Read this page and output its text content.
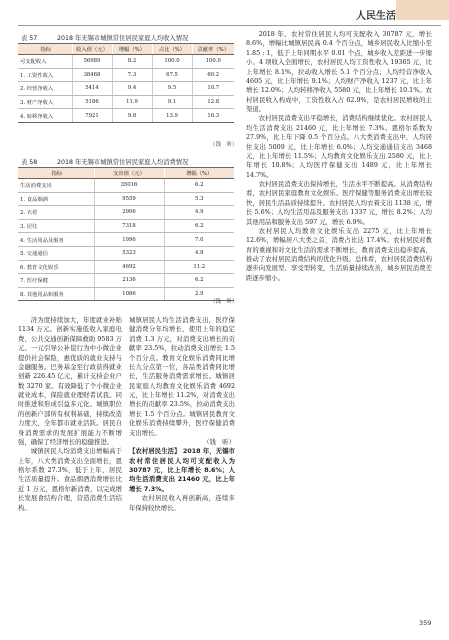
人民生活
表 57	2018 年无锡市城镇常住居民家庭人均收入情况
指标	收入值（元）	增幅（%）	占比（%）	贡献率（%）
可支配收入	56989	8.2	100.0	100.0
1. 工资性收入	38468	7.3	67.5	60.2
2. 经营净收入	5414	9.4	9.5	10.7
3. 财产净收入	5186	11.9	9.1	12.8
4. 转移净收入	7921	9.8	13.9	16.3
（钱　昕）
表 58	2018 年无锡市城镇常住居民家庭人均消费情况
指标	支出值（元）	增幅（%）
生活消费支出	35016	6.2
1. 食品烟酒	9559	5.3
2. 衣着	2906	4.9
3. 居住	7318	6.2
4. 生活用品及服务	1996	7.0
5. 交通通信	5323	4.8
6. 教育文化娱乐	4692	11.2
7. 医疗保健	2136	6.2
8. 其他用品和服务	1086	2.9
（钱　昕）

济为度持续加大，年度就业补贴 1134 万元。创新实施低收入家庭电费、公共交通创新保障救助 9583 万元。一元引导公补偿行为中小微企业提供社会保险，惠优质的就业支持与金融服务。巴务基金至行政获得就业创新 226.45 亿元，累计支持企业户数 3270 家。有效降低了个小微企业就业成本，保险就业理财者试我。同时推进和形成引益多元化、城镇职位的创新户部所有权利基础，持续改造力度大，全年都市就业活跃。居民自身消费需求的发展扩展能力不断增强，确保了经济增长的稳健推进。

城镇居民人均消费支出增幅高于上年，八大类消费支出全面增长，恩格尔系数 27.3%，低于上年，居民生活质量提升。食品烟酒消费增长比近 1 万元，恩格尔新消费，以完成增长发展食结构合理，营造消费生活结构。

城镇居民人均生活消费支出，医疗保健消费分年均增长，使用上年的稳定消费 1.3 万元，对消费支出增长的贡献率 23.5%，拉动消费支出增长 1.5 个百分点。教育文化娱乐消费同比增长九分点第一位，各品类消费同比增长，生活服务消费需求增长。城镇居民家庭人均教育文化娱乐消费 4692 元，比上年增长 11.2%，对消费支出增长的贡献率 23.5%，拉动消费支出增长 1.5 个百分点。城镇居民教育文化娱乐消费持续攀升，医疗保健消费支出增长。

（钱　昕）

【农村居民生活】 2018 年，无锡市农村常住居民人均可支配收入为 30787 元，比上年增长 8.6%；人均生活消费支出 21460 元，比上年增长 7.3%。

农村居民收入再创新高，连续多年保持较快增长。

2018 年，农村常住居民人均可支配收入 30787 元，增长 8.6%，增幅比城镇居民高 0.4 个百分点，城乡居民收入比缩小至 1.85 : 1，低于上年同期水平 0.01 个点，城乡收入差距进一步缩小。4 项收入全面增长，农村居民人均工资性收入 19365 元，比上年增长 8.1%，拉动收入增长 5.1 个百分点；人均经营净收入 4605 元，比上年增长 9.1%；人均财产净收入 1237 元，比上年增长 12.0%；人均转移净收入 5580 元，比上年增长 10.1%。农村居民收入构成中，工资性收入占 62.9%，是农村居民增收的主渠道。

农村居民消费支出平稳增长，消费结构继续优化。农村居民人均生活消费支出 21460 元，比上年增长 7.3%。恩格尔系数为 27.9%，比上年下降 0.5 个百分点。八大类消费支出中，人均居住支出 5009 元，比上年增长 6.0%；人均交通通信支出 3468 元，比上年增长 11.5%；人均教育文化娱乐支出 2580 元，比上年增长 10.8%；人均医疗保健支出 1489 元，比上年增长 14.7%。

农村居民消费支出保持增长，生活水平不断提高。从消费结构看，农村居民家庭教育文化娱乐、医疗保健等服务消费支出增长较快，居民生活品质持续提升。农村居民人均衣着支出 1138 元，增长 5.6%；人均生活用品及服务支出 1337 元，增长 8.2%；人均其他用品和服务支出 597 元，增长 6.9%。

农村居民人均教育文化娱乐支出 2275 元，比上年增长 12.6%，增幅居八大类之首，消费占比达 17.4%。农村居民对教育的重视和对文化生活的需求不断增长，教育消费支出稳步提高，推动了农村居民消费结构的优化升级。总体看，农村居民消费结构逐步向发展型、享受型转变，生活质量持续改善，城乡居民消费差距逐步缩小。

359
